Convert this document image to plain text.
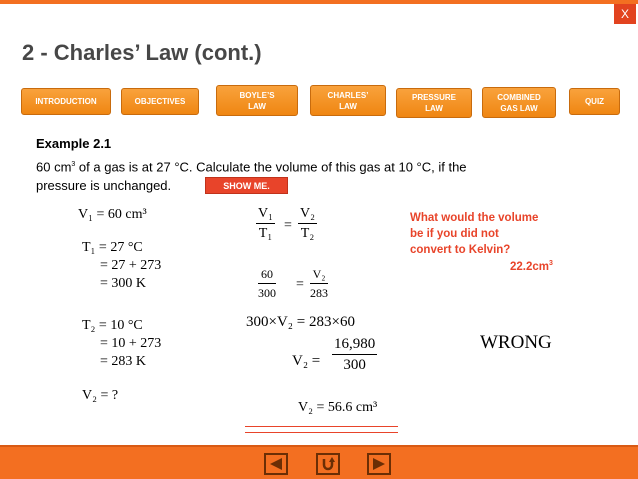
X
2 - Charles’ Law (cont.)
INTRODUCTION	OBJECTIVES
BOYLE’S
LAW
CHARLES’
LAW
PRESSURE
LAW
COMBINED
GAS LAW
QUIZ
Example 2.1
60 $cm^3$ of a gas is at 27 °C. Calculate the volume of this gas at 10 °C, if the
pressure is unchanged.	SHOW ME.
V₁ = 60 cm³
T₁ = 27 °C
= 27 + 273
= 300 K
T₂ = 10 °C
= 10 + 273
= 283 K
V₂ = ?
$\frac{\text{V₁}}{\text{T₁}} = \frac{\text{V₂}}{\text{T₂}}$
$\frac{60}{300} = \frac{\text{V₂}}{283}$
300×V₂ = 283×60
$V_2 = \frac{16,980}{300}$
V₂ = 56.6 cm³
What would the volume
be if you did not
convert to Kelvin?
$22.2cm^3$
WRONG
